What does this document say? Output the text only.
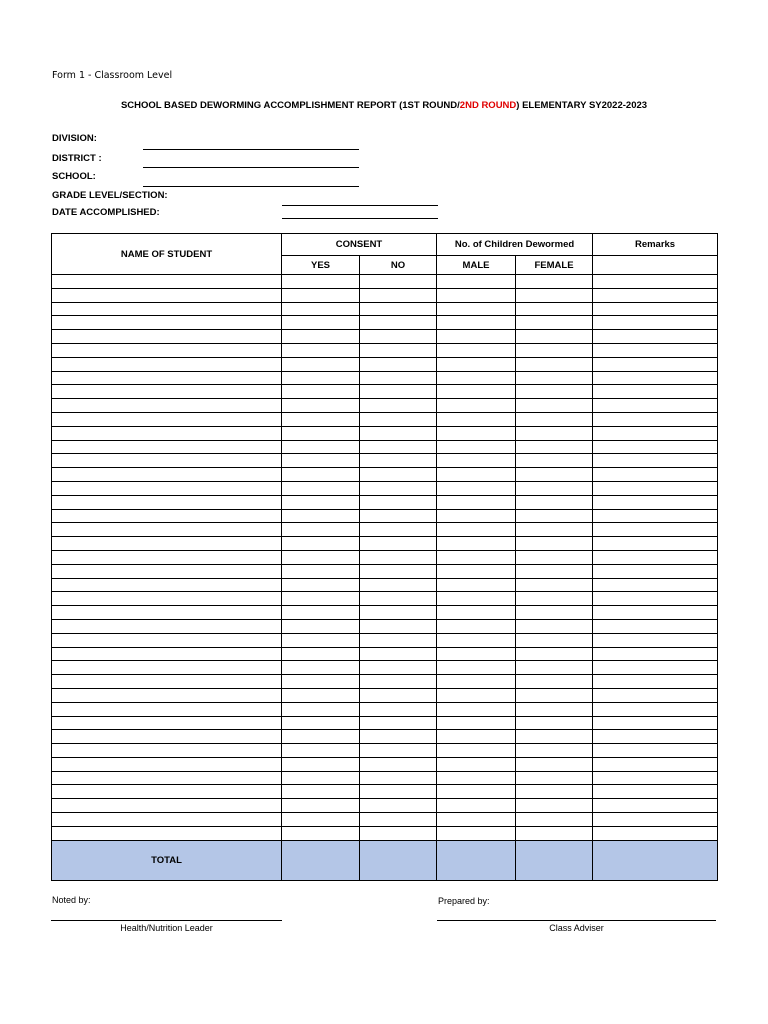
Form 1 - Classroom Level
SCHOOL BASED DEWORMING ACCOMPLISHMENT REPORT (1ST ROUND/2ND ROUND) ELEMENTARY SY2022-2023
DIVISION:
DISTRICT :
SCHOOL:
GRADE LEVEL/SECTION:
DATE ACCOMPLISHED:
NAME OF STUDENT	CONSENT		No. of Children Dewormed		Remarks
	YES	NO	MALE	FEMALE	

TOTAL					
Noted by:
Health/Nutrition Leader
Prepared by:
Class Adviser
